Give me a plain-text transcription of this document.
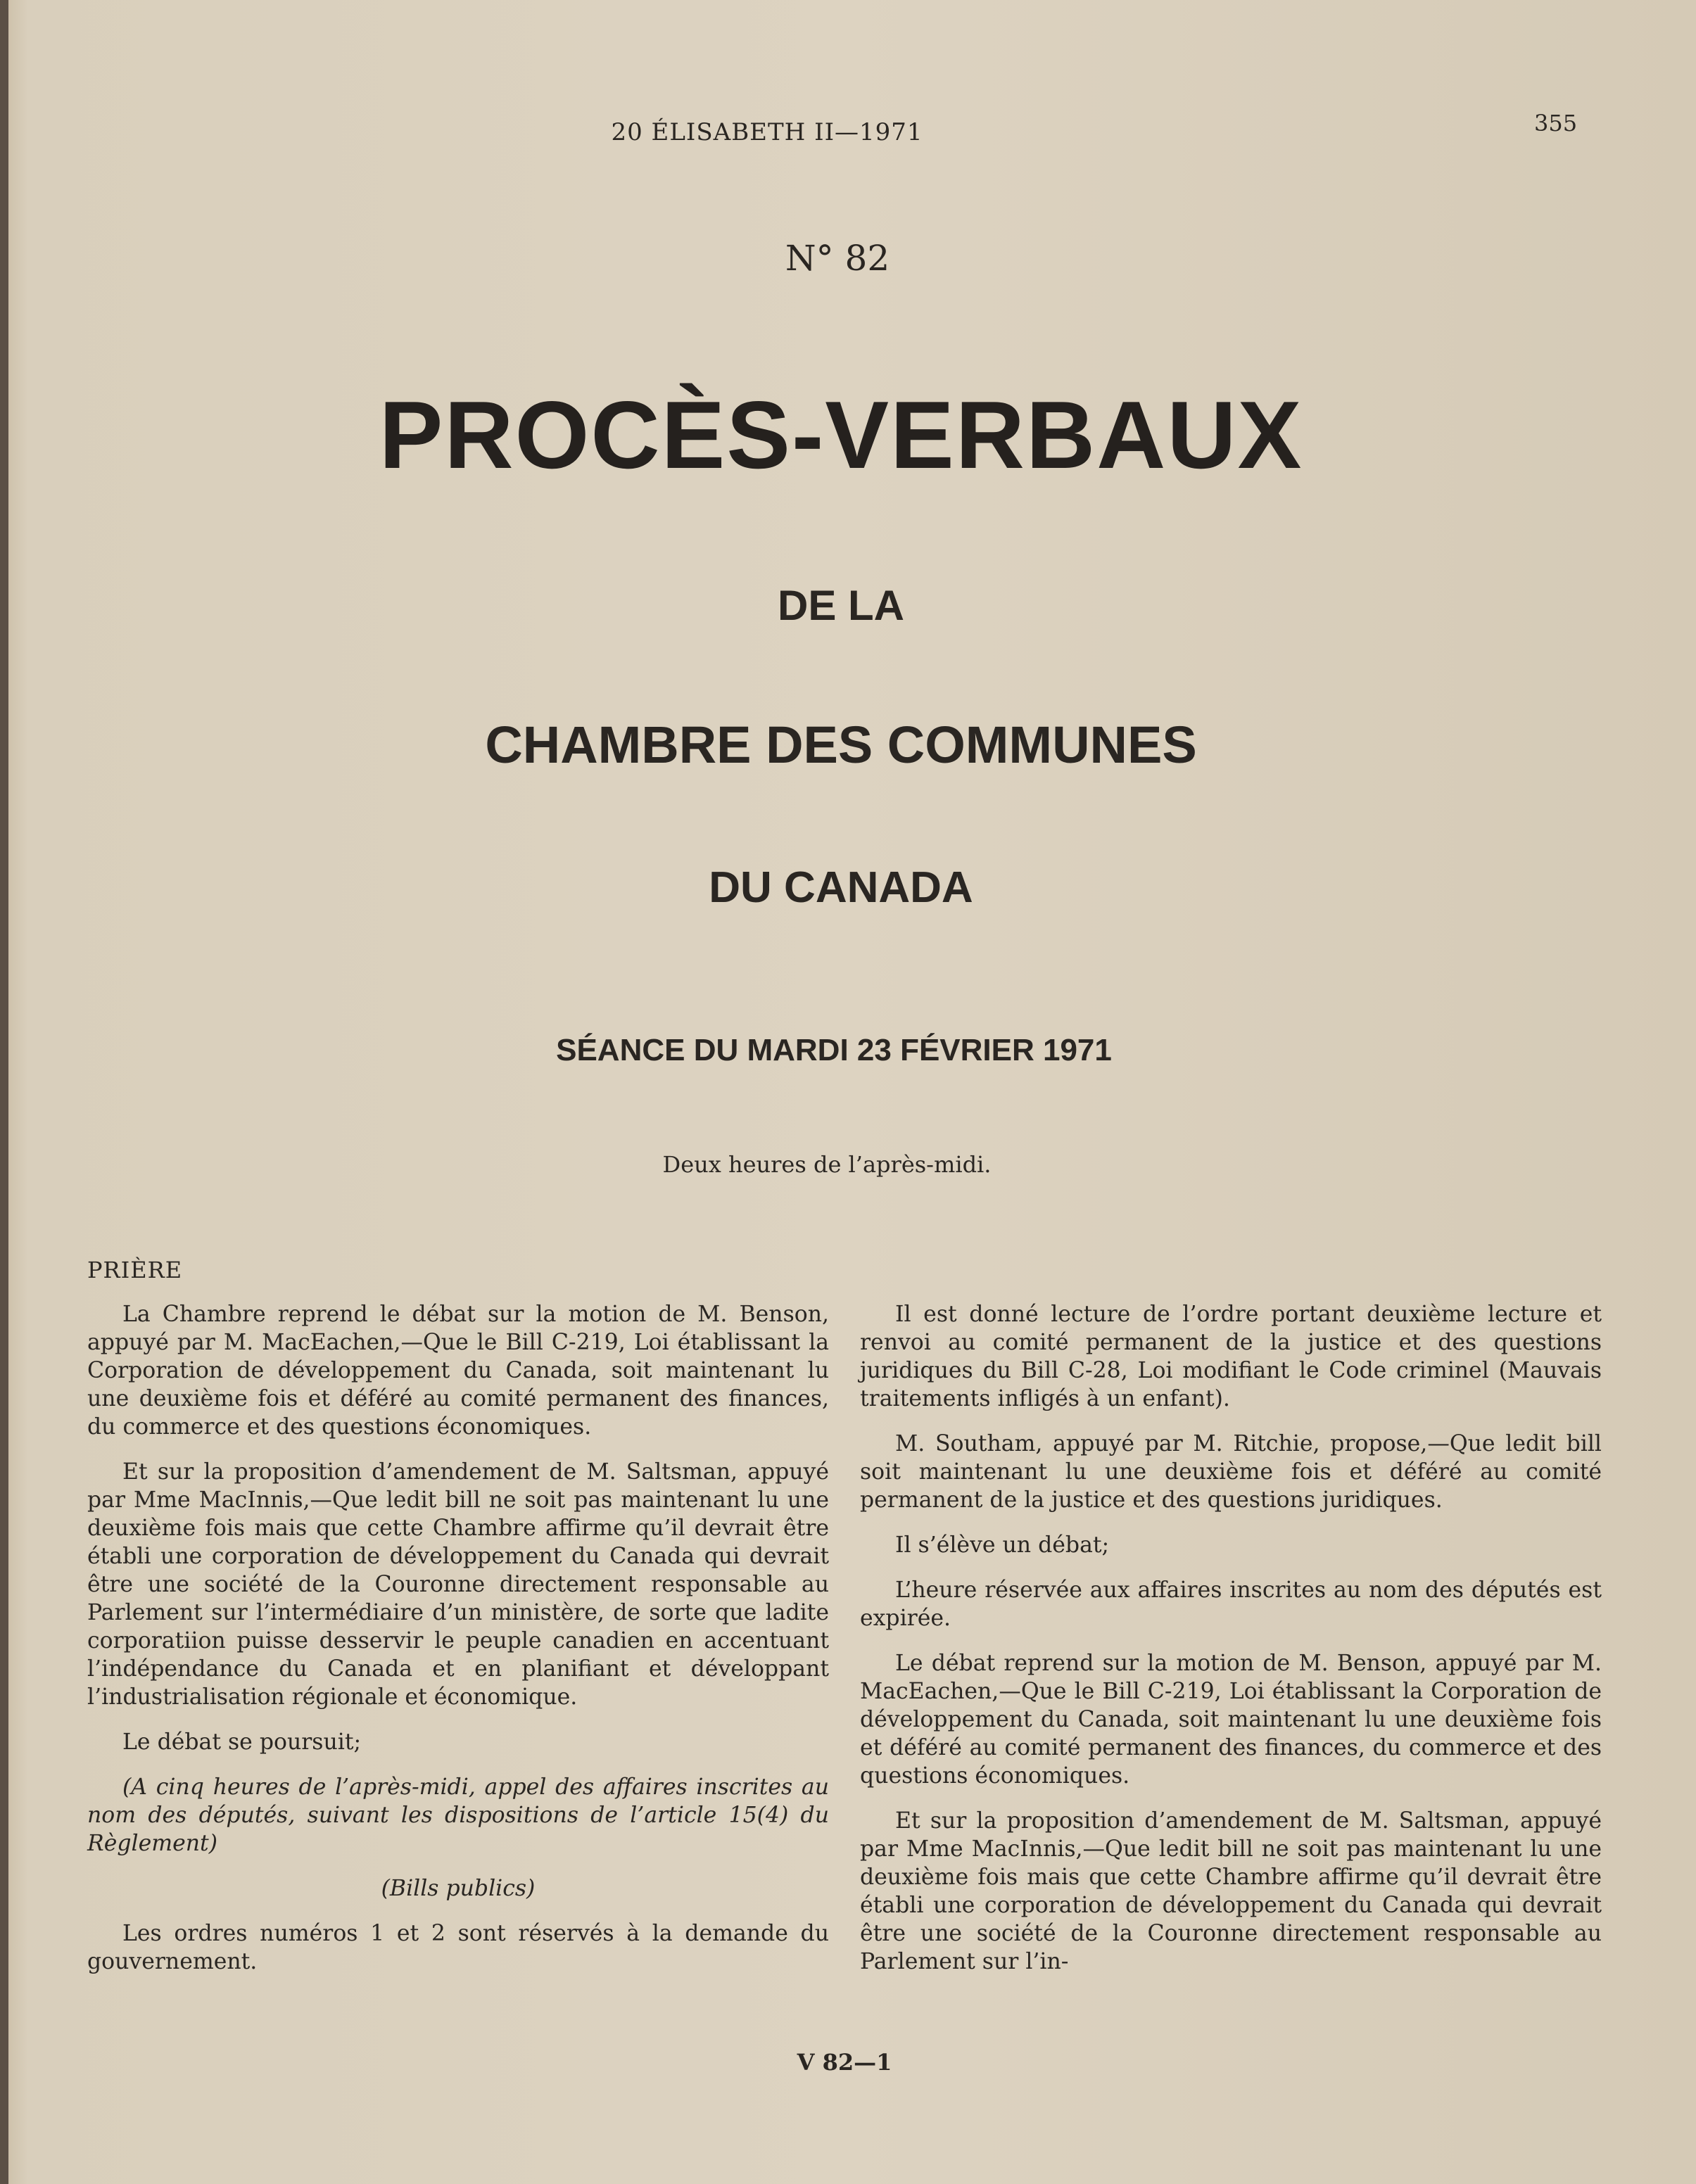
20 ÉLISABETH II—1971	355
N° 82
PROCÈS-VERBAUX
DE LA
CHAMBRE DES COMMUNES
DU CANADA
SÉANCE DU MARDI 23 FÉVRIER 1971
Deux heures de l’après-midi.
PRIÈRE

La Chambre reprend le débat sur la motion de M. Benson, appuyé par M. MacEachen,—Que le Bill C-219, Loi établissant la Corporation de développement du Canada, soit maintenant lu une deuxième fois et déféré au comité permanent des finances, du commerce et des questions économiques.

Et sur la proposition d’amendement de M. Saltsman, appuyé par Mme MacInnis,—Que ledit bill ne soit pas maintenant lu une deuxième fois mais que cette Chambre affirme qu’il devrait être établi une corporation de développement du Canada qui devrait être une société de la Couronne directement responsable au Parlement sur l’intermédiaire d’un ministère, de sorte que ladite corporatiion puisse desservir le peuple canadien en accentuant l’indépendance du Canada et en planifiant et développant l’industrialisation régionale et économique.

Le débat se poursuit;

(A cinq heures de l’après-midi, appel des affaires inscrites au nom des députés, suivant les dispositions de l’article 15(4) du Règlement)

(Bills publics)

Les ordres numéros 1 et 2 sont réservés à la demande du gouvernement.

Il est donné lecture de l’ordre portant deuxième lecture et renvoi au comité permanent de la justice et des questions juridiques du Bill C-28, Loi modifiant le Code criminel (Mauvais traitements infligés à un enfant).

M. Southam, appuyé par M. Ritchie, propose,—Que ledit bill soit maintenant lu une deuxième fois et déféré au comité permanent de la justice et des questions juridiques.

Il s’élève un débat;

L’heure réservée aux affaires inscrites au nom des députés est expirée.

Le débat reprend sur la motion de M. Benson, appuyé par M. MacEachen,—Que le Bill C-219, Loi établissant la Corporation de développement du Canada, soit maintenant lu une deuxième fois et déféré au comité permanent des finances, du commerce et des questions économiques.

Et sur la proposition d’amendement de M. Saltsman, appuyé par Mme MacInnis,—Que ledit bill ne soit pas maintenant lu une deuxième fois mais que cette Chambre affirme qu’il devrait être établi une corporation de développement du Canada qui devrait être une société de la Couronne directement responsable au Parlement sur l’in-

V 82—1
